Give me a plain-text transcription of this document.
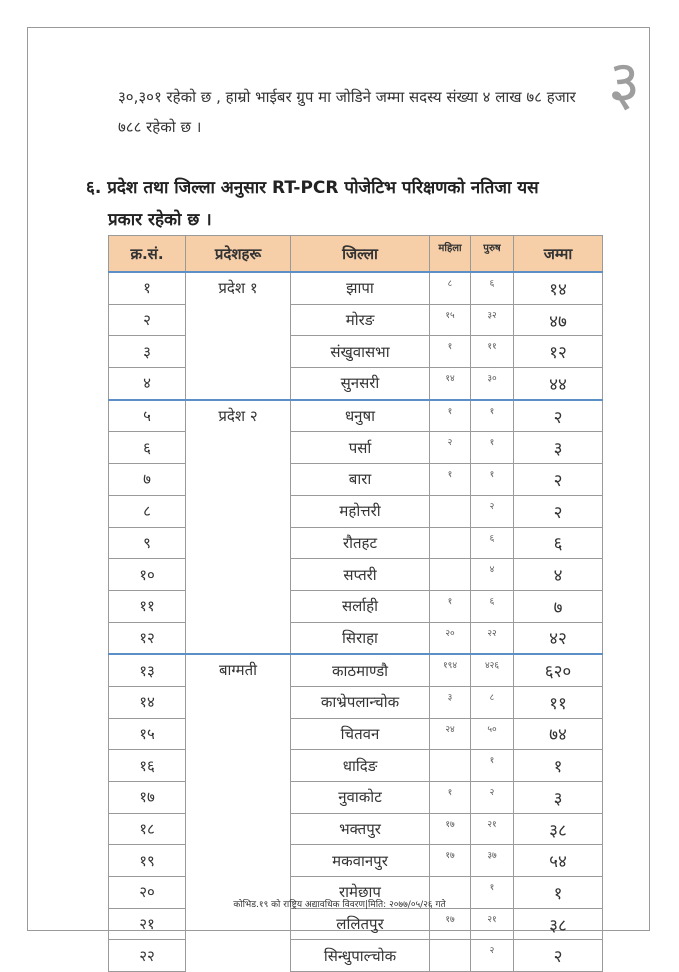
३
३०,३०१ रहेको छ , हाम्रो भाईबर ग्रुप मा जोडिने जम्मा सदस्य संख्या ४ लाख ७८ हजार ७८८ रहेको छ ।
६. प्रदेश तथा जिल्ला अनुसार RT-PCR पोजेटिभ परिक्षणको नतिजा यस
प्रकार रहेको छ ।
क्र.सं.	प्रदेशहरू	जिल्ला	महिला	पुरुष	जम्मा
१	प्रदेश १	झापा	८	६	१४
२		मोरङ	१५	३२	४७
३		संखुवासभा	१	११	१२
४		सुनसरी	१४	३०	४४
५	प्रदेश २	धनुषा	१	१	२
६		पर्सा	२	१	३
७		बारा	१	१	२
८		महोत्तरी		२	२
९		रौतहट		६	६
१०		सप्तरी		४	४
११		सर्लाही	१	६	७
१२		सिराहा	२०	२२	४२
१३	बाग्मती	काठमाण्डौ	१९४	४२६	६२०
१४		काभ्रेपलान्चोक	३	८	११
१५		चितवन	२४	५०	७४
१६		धादिङ		१	१
१७		नुवाकोट	१	२	३
१८		भक्तपुर	१७	२१	३८
१९		मकवानपुर	१७	३७	५४
२०		रामेछाप		१	१
२१		ललितपुर	१७	२१	३८
२२		सिन्धुपाल्चोक		२	२
कोभिड.१९ को राष्ट्रिय अद्यावधिक विवरण|मिति: २०७७/०५/२६ गते
